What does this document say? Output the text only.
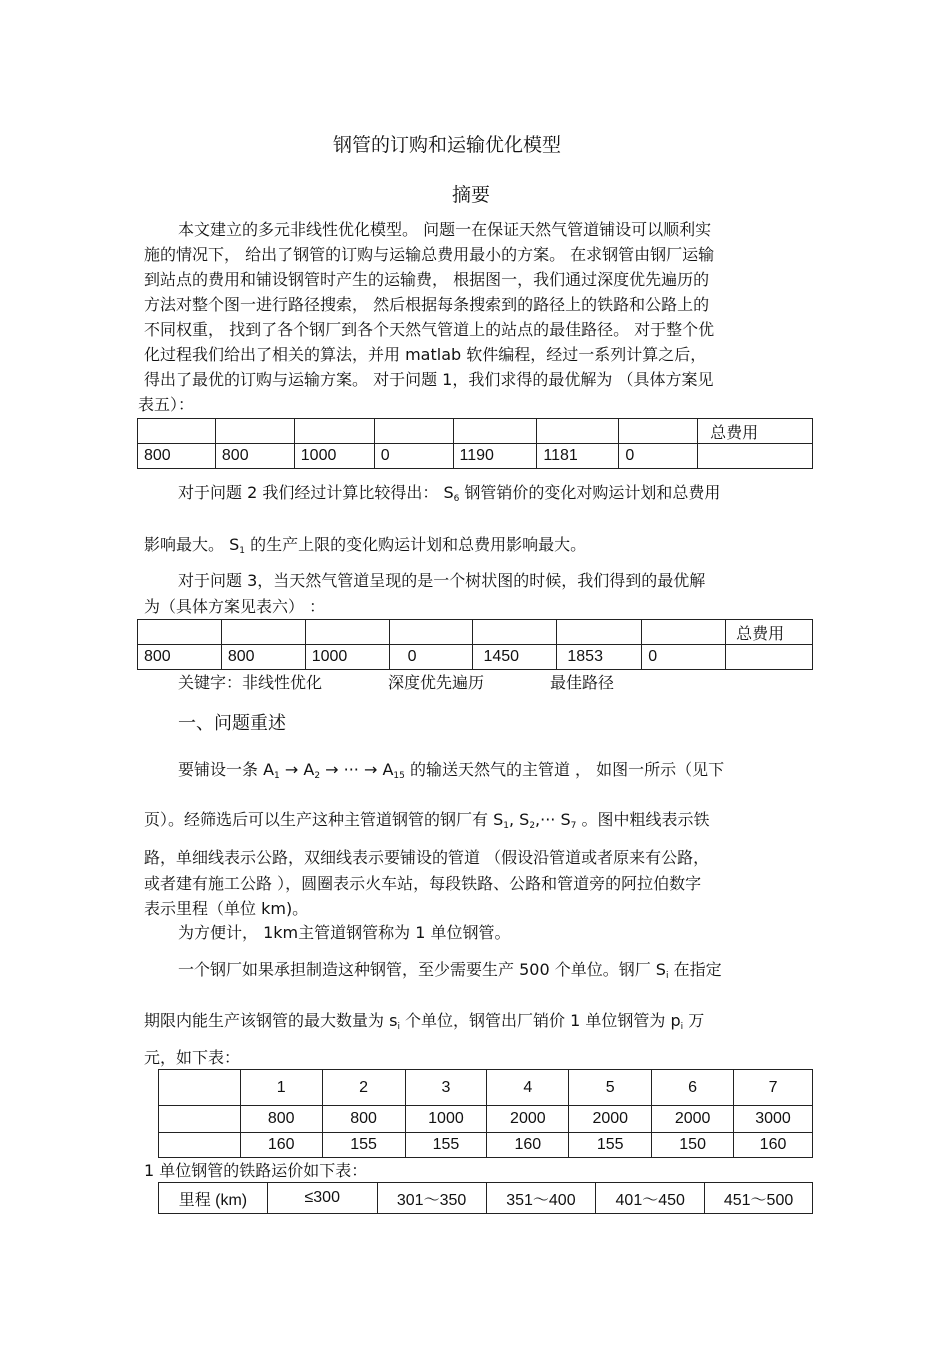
钢管的订购和运输优化模型
摘要
本文建立的多元非线性优化模型。 问题一在保证天然气管道铺设可以顺利实
施的情况下， 给出了钢管的订购与运输总费用最小的方案。 在求钢管由钢厂运输
到站点的费用和铺设钢管时产生的运输费， 根据图一，我们通过深度优先遍历的
方法对整个图一进行路径搜索， 然后根据每条搜索到的路径上的铁路和公路上的
不同权重， 找到了各个钢厂到各个天然气管道上的站点的最佳路径。 对于整个优
化过程我们给出了相关的算法，并用 matlab 软件编程，经过一系列计算之后，
得出了最优的订购与运输方案。 对于问题 1，我们求得的最优解为 （具体方案见
表五）：
							总费用
800	800	1000	0	1190	1181	0	
对于问题 2 我们经过计算比较得出： $S_6$ 钢管销价的变化对购运计划和总费用
影响最大。 $S_1$ 的生产上限的变化购运计划和总费用影响最大。
对于问题 3，当天然气管道呈现的是一个树状图的时候，我们得到的最优解
为（具体方案见表六） ：
							总费用
800	800	1000	0	1450	1853	0	
关键字：非线性优化	深度优先遍历	最佳路径
一、问题重述
要铺设一条 $A_1 \to A_2$ → ··· → $A_{15}$ 的输送天然气的主管道 ， 如图一所示（见下
页）。经筛选后可以生产这种主管道钢管的钢厂有 $S_1$, $S_2,\cdot\cdot\cdot S_7$ 。图中粗线表示铁
路，单细线表示公路，双细线表示要铺设的管道 （假设沿管道或者原来有公路，
或者建有施工公路 ），圆圈表示火车站，每段铁路、公路和管道旁的阿拉伯数字
表示里程（单位 km)。
为方便计， 1km主管道钢管称为 1 单位钢管。
一个钢厂如果承担制造这种钢管，至少需要生产 500 个单位。钢厂 $S_i$ 在指定
期限内能生产该钢管的最大数量为 $s_i$ 个单位，钢管出厂销价 1 单位钢管为 $p_i$ 万
元，如下表：
	1	2	3	4	5	6	7
	800	800	1000	2000	2000	2000	3000
	160	155	155	160	155	150	160
1 单位钢管的铁路运价如下表：
里程 (km)	≤300	301～350	351～400	401～450	451～500
